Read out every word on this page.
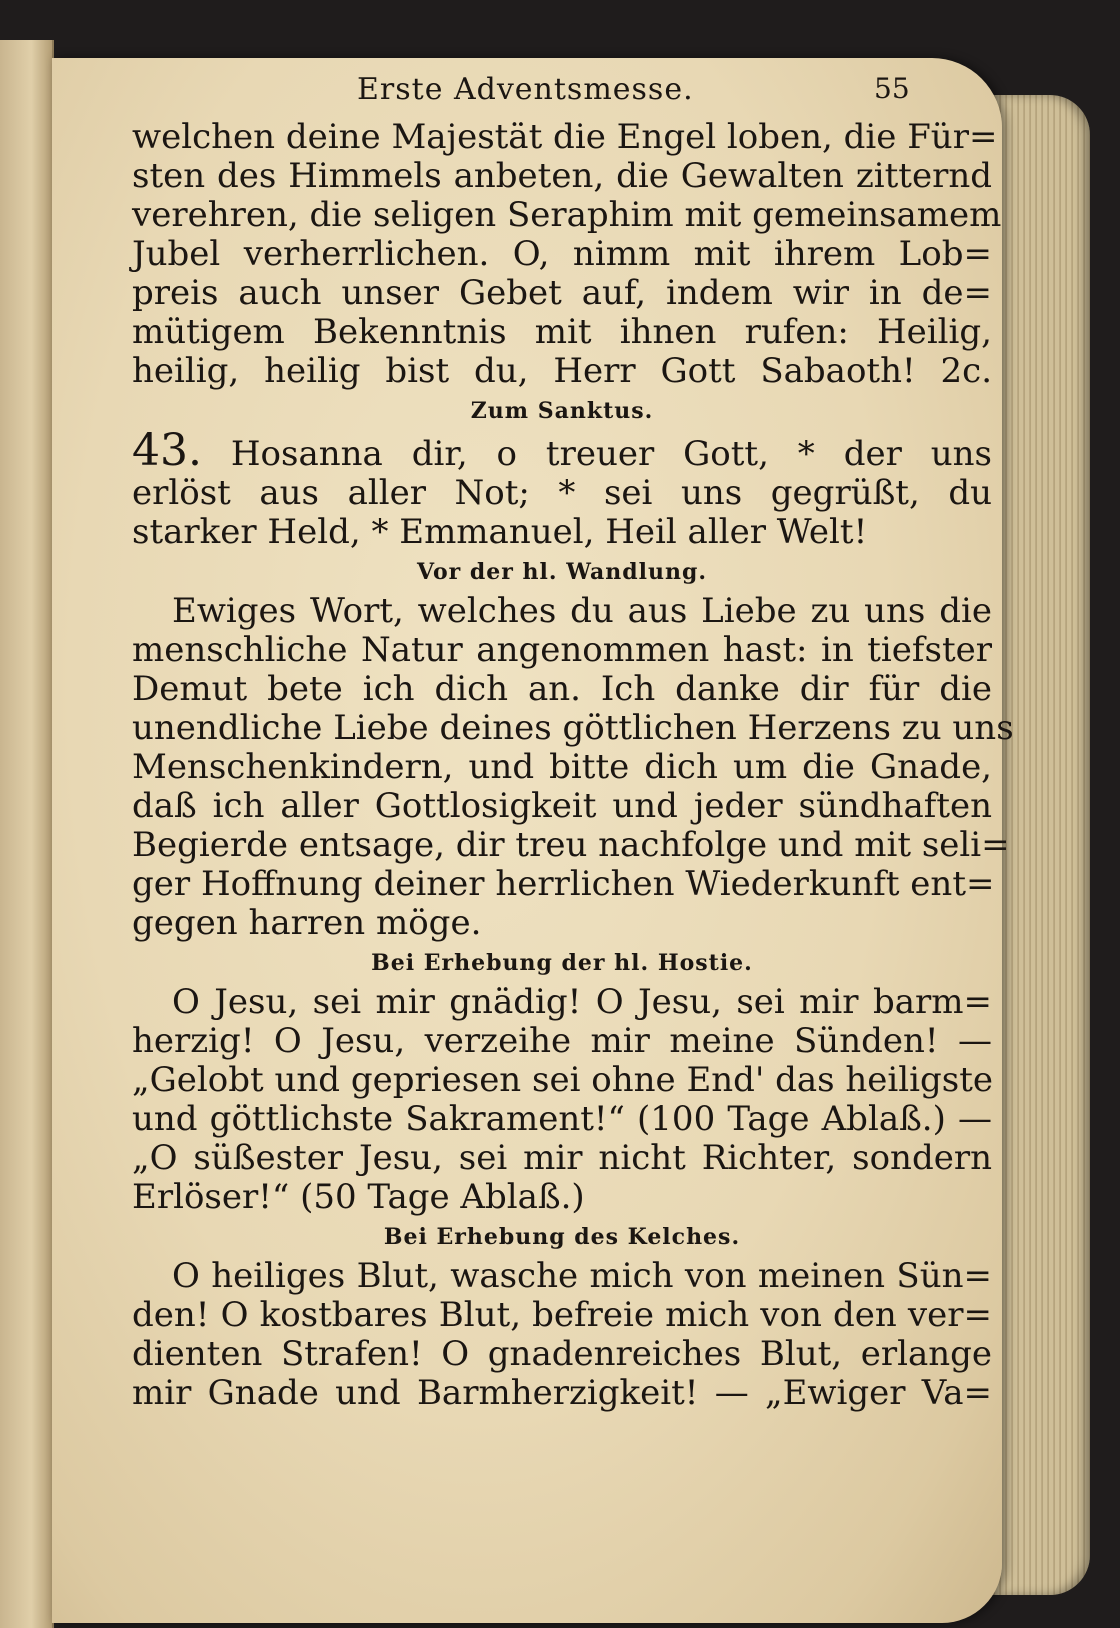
Erste Adventsmesse.	55
welchen deine Majestät die Engel loben, die Für=
sten des Himmels anbeten, die Gewalten zitternd
verehren, die seligen Seraphim mit gemeinsamem
Jubel verherrlichen. O, nimm mit ihrem Lob=
preis auch unser Gebet auf, indem wir in de=
mütigem Bekenntnis mit ihnen rufen: Heilig,
heilig, heilig bist du, Herr Gott Sabaoth! 2c.
Zum Sanktus.
43. Hosanna dir, o treuer Gott, * der uns
erlöst aus aller Not; * sei uns gegrüßt, du
starker Held, * Emmanuel, Heil aller Welt!
Vor der hl. Wandlung.
Ewiges Wort, welches du aus Liebe zu uns die
menschliche Natur angenommen hast: in tiefster
Demut bete ich dich an. Ich danke dir für die
unendliche Liebe deines göttlichen Herzens zu uns
Menschenkindern, und bitte dich um die Gnade,
daß ich aller Gottlosigkeit und jeder sündhaften
Begierde entsage, dir treu nachfolge und mit seli=
ger Hoffnung deiner herrlichen Wiederkunft ent=
gegen harren möge.
Bei Erhebung der hl. Hostie.
O Jesu, sei mir gnädig! O Jesu, sei mir barm=
herzig! O Jesu, verzeihe mir meine Sünden! —
„Gelobt und gepriesen sei ohne End' das heiligste
und göttlichste Sakrament!“ (100 Tage Ablaß.) —
„O süßester Jesu, sei mir nicht Richter, sondern
Erlöser!“ (50 Tage Ablaß.)
Bei Erhebung des Kelches.
O heiliges Blut, wasche mich von meinen Sün=
den! O kostbares Blut, befreie mich von den ver=
dienten Strafen! O gnadenreiches Blut, erlange
mir Gnade und Barmherzigkeit! — „Ewiger Va=
